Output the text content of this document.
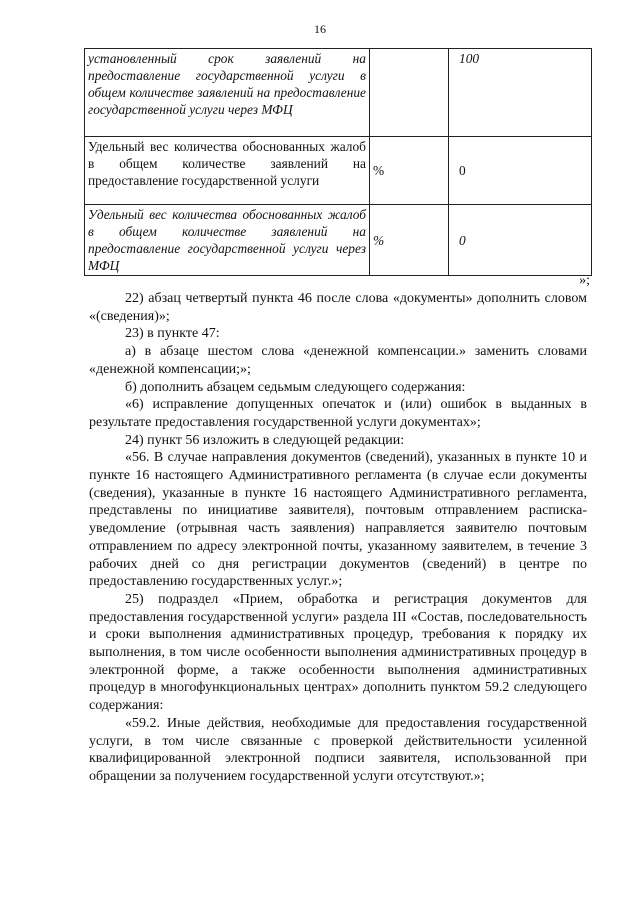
16
установленный срок заявлений на предоставление государственной услуги в общем количестве заявлений на предоставление государственной услуги через МФЦ		100
Удельный вес количества обоснованных жалоб в общем количестве заявлений на предоставление государственной услуги	%	0
Удельный вес количества обоснованных жалоб в общем количестве заявлений на предоставление государственной услуги через МФЦ	%	0
»;

22) абзац четвертый пункта 46 после слова «документы» дополнить словом «(сведения)»;

23) в пункте 47:

а) в абзаце шестом слова «денежной компенсации.» заменить словами «денежной компенсации;»;

б) дополнить абзацем седьмым следующего содержания:

«6) исправление допущенных опечаток и (или) ошибок в выданных в результате предоставления государственной услуги документах»;

24) пункт 56 изложить в следующей редакции:

«56. В случае направления документов (сведений), указанных в пункте 10 и пункте 16 настоящего Административного регламента (в случае если документы (сведения), указанные в пункте 16 настоящего Административного регламента, представлены по инициативе заявителя), почтовым отправлением расписка-уведомление (отрывная часть заявления) направляется заявителю почтовым отправлением по адресу электронной почты, указанному заявителем, в течение 3 рабочих дней со дня регистрации документов (сведений) в центре по предоставлению государственных услуг.»;

25) подраздел «Прием, обработка и регистрация документов для предоставления государственной услуги» раздела III «Состав, последовательность и сроки выполнения административных процедур, требования к порядку их выполнения, в том числе особенности выполнения административных процедур в электронной форме, а также особенности выполнения административных процедур в многофункциональных центрах» дополнить пунктом 59.2 следующего содержания:

«59.2. Иные действия, необходимые для предоставления государственной услуги, в том числе связанные с проверкой действительности усиленной квалифицированной электронной подписи заявителя, использованной при обращении за получением государственной услуги отсутствуют.»;
